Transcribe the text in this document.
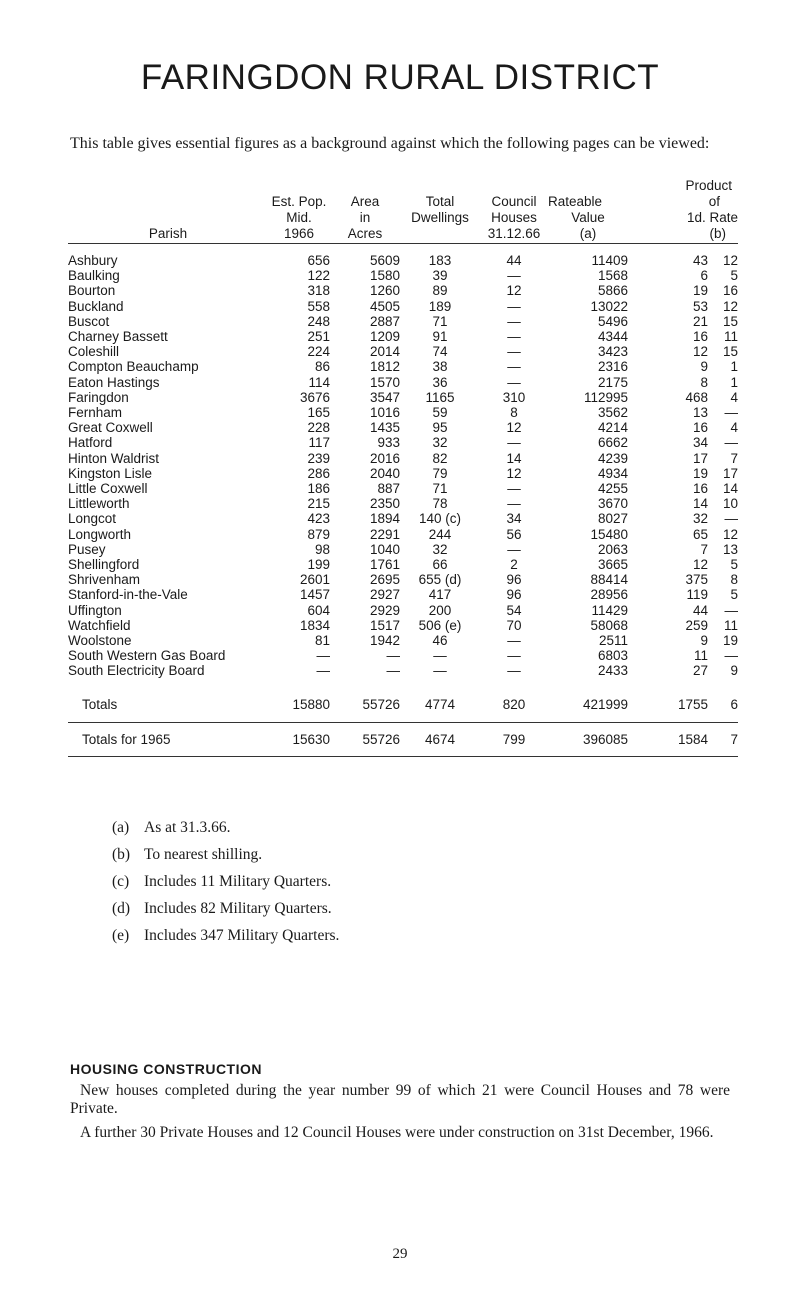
FARINGDON RURAL DISTRICT
This table gives essential figures as a background against which the following pages can be viewed:
						Product	
	Est. Pop.	Area	Total	Council	Rateable	of	
	Mid.	in	Dwellings	Houses	Value	1d. Rate	
Parish	1966	Acres		31.12.66	(a)	(b)	

Ashbury	656	5609	183	44	11409	43	12
Baulking	122	1580	39	—	1568	6	5
Bourton	318	1260	89	12	5866	19	16
Buckland	558	4505	189	—	13022	53	12
Buscot	248	2887	71	—	5496	21	15
Charney Bassett	251	1209	91	—	4344	16	11
Coleshill	224	2014	74	—	3423	12	15
Compton Beauchamp	86	1812	38	—	2316	9	1
Eaton Hastings	114	1570	36	—	2175	8	1
Faringdon	3676	3547	1165	310	112995	468	4
Fernham	165	1016	59	8	3562	13	—
Great Coxwell	228	1435	95	12	4214	16	4
Hatford	117	933	32	—	6662	34	—
Hinton Waldrist	239	2016	82	14	4239	17	7
Kingston Lisle	286	2040	79	12	4934	19	17
Little Coxwell	186	887	71	—	4255	16	14
Littleworth	215	2350	78	—	3670	14	10
Longcot	423	1894	140 (c)	34	8027	32	—
Longworth	879	2291	244	56	15480	65	12
Pusey	98	1040	32	—	2063	7	13
Shellingford	199	1761	66	2	3665	12	5
Shrivenham	2601	2695	655 (d)	96	88414	375	8
Stanford-in-the-Vale	1457	2927	417	96	28956	119	5
Uffington	604	2929	200	54	11429	44	—
Watchfield	1834	1517	506 (e)	70	58068	259	11
Woolstone	81	1942	46	—	2511	9	19
South Western Gas Board	—	—	—	—	6803	11	—
South Electricity Board	—	—	—	—	2433	27	9

Totals	15880	55726	4774	820	421999	1755	6
Totals for 1965	15630	55726	4674	799	396085	1584	7
(a) As at 31.3.66.
(b) To nearest shilling.
(c) Includes 11 Military Quarters.
(d) Includes 82 Military Quarters.
(e) Includes 347 Military Quarters.
HOUSING CONSTRUCTION
New houses completed during the year number 99 of which 21 were Council Houses and 78 were Private.
A further 30 Private Houses and 12 Council Houses were under construction on 31st December, 1966.
29
